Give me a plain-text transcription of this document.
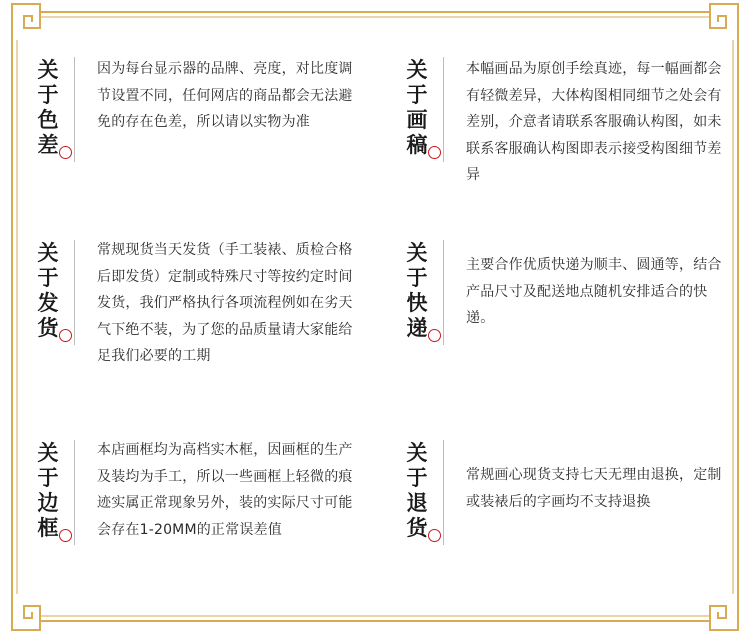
关
于
色
差
因为每台显示器的品牌、亮度，对比度调节设置不同，任何网店的商品都会无法避免的存在色差，所以请以实物为准
关
于
画
稿
本幅画品为原创手绘真迹，每一幅画都会有轻微差异，大体构图相同细节之处会有差别，介意者请联系客服确认构图，如未联系客服确认构图即表示接受构图细节差异
关
于
发
货
常规现货当天发货（手工装裱、质检合格后即发货）定制或特殊尺寸等按约定时间发货，我们严格执行各项流程例如在劣天气下绝不装，为了您的品质量请大家能给足我们必要的工期
关
于
快
递
主要合作优质快递为顺丰、圆通等，结合产品尺寸及配送地点随机安排适合的快递。
关
于
边
框
本店画框均为高档实木框，因画框的生产及装均为手工，所以一些画框上轻微的痕迹实属正常现象另外，装的实际尺寸可能会存在1-20MM的正常误差值
关
于
退
货
常规画心现货支持七天无理由退换，定制或装裱后的字画均不支持退换
